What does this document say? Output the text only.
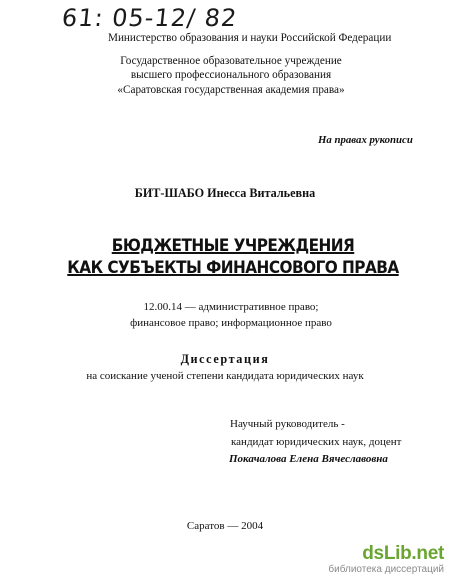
61: 05-12/ 82
Министерство образования и науки Российской Федерации
Государственное образовательное учреждение
высшего профессионального образования
«Саратовская государственная академия права»
На правах рукописи
БИТ-ШАБО Инесса Витальевна
БЮДЖЕТНЫЕ УЧРЕЖДЕНИЯ
КАК СУБЪЕКТЫ ФИНАНСОВОГО ПРАВА
12.00.14 — административное право;
финансовое право; информационное право
Диссертация
на соискание ученой степени кандидата юридических наук
Научный руководитель -
кандидат юридических наук, доцент
Покачалова Елена Вячеславовна
Саратов — 2004
dsLib.net
библиотека диссертаций
